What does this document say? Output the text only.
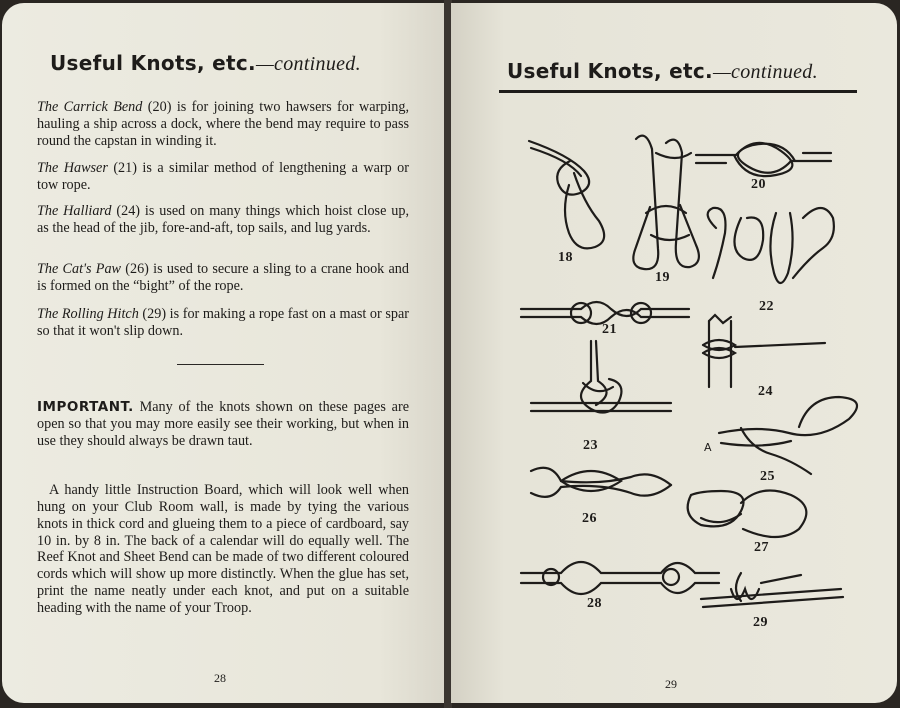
Useful Knots, etc.—continued.

The Carrick Bend (20) is for joining two hawsers for warping, hauling a ship across a dock, where the bend may require to pass round the capstan in winding it.

The Hawser (21) is a similar method of lengthening a warp or tow rope.

The Halliard (24) is used on many things which hoist close up, as the head of the jib, fore-and-aft, top sails, and lug yards.

The Cat's Paw (26) is used to secure a sling to a crane hook and is formed on the “bight” of the rope.

The Rolling Hitch (29) is for making a rope fast on a mast or spar so that it won't slip down.

IMPORTANT. Many of the knots shown on these pages are open so that you may more easily see their working, but when in use they should always be drawn taut.

A handy little Instruction Board, which will look well when hung on your Club Room wall, is made by tying the various knots in thick cord and glueing them to a piece of cardboard, say 10 in. by 8 in. The back of a calendar will do equally well. The Reef Knot and Sheet Bend can be made of two different coloured cords which will show up more distinctly. When the glue has set, print the name neatly under each knot, and put on a suitable heading with the name of your Troop.

28
Useful Knots, etc.—continued.
18
19
20
21
22
23
24
25
26
27
28
29
A
29
